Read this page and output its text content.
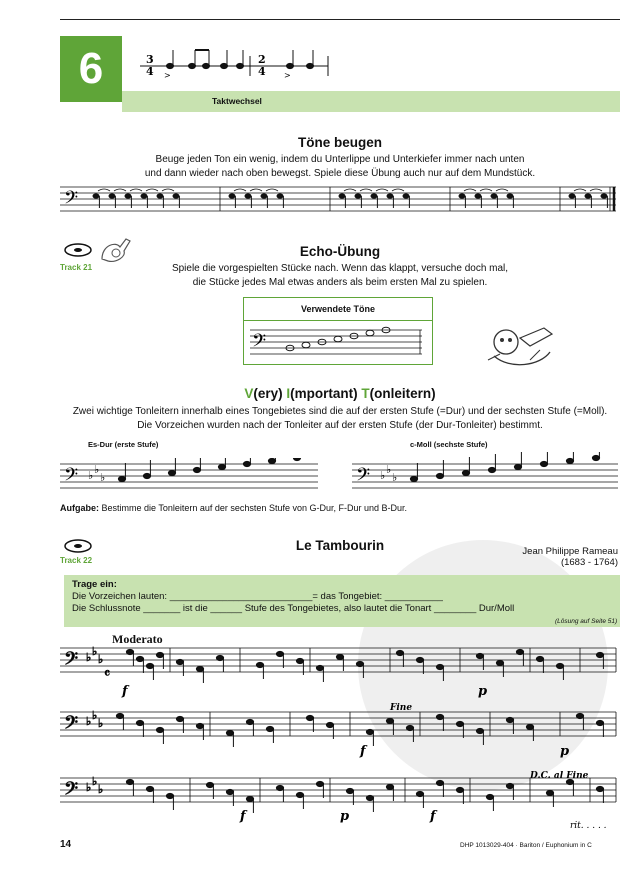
6
Taktwechsel
3
4
2
4
>	>
Töne beugen
Beuge jeden Ton ein wenig, indem du Unterlippe und Unterkiefer immer nach unten
und dann wieder nach oben bewegst. Spiele diese Übung auch nur auf dem Mundstück.
𝄢
Track 21
Echo-Übung
Spiele die vorgespielten Stücke nach. Wenn das klappt, versuche doch mal,
die Stücke jedes Mal etwas anders als beim ersten Mal zu spielen.
Verwendete Töne
𝄢
V(ery) I(mportant) T(onleitern)
Zwei wichtige Tonleitern innerhalb eines Tongebietes sind die auf der ersten Stufe (=Dur) und der sechsten Stufe (=Moll).
Die Vorzeichen wurden nach der Tonleiter auf der ersten Stufe (der Dur-Tonleiter) bestimmt.
Es-Dur (erste Stufe)	c-Moll (sechste Stufe)
𝄢 ♭ ♭
♭	𝄢 ♭ ♭
♭
Aufgabe: Bestimme die Tonleitern auf der sechsten Stufe von G-Dur, F-Dur und B-Dur.
Track 22
Le Tambourin	Jean Philippe Rameau
(1683 - 1764)
Trage ein:
Die Vorzeichen lauten: ___________________________= das Tongebiet: ___________
Die Schlussnote _______ ist die ______ Stufe des Tongebietes, also lautet die Tonart ________ Dur/Moll
(Lösung auf Seite 51)
Moderato
𝄢 ♭ ♭
♭
𝄢 ♭ ♭
♭
𝄢 ♭ ♭
♭
𝄴
Fine
D.C. al Fine
rit. . . . .
f	p
f	p
f	p	f
14	DHP 1013029-404 · Bariton / Euphonium in C
